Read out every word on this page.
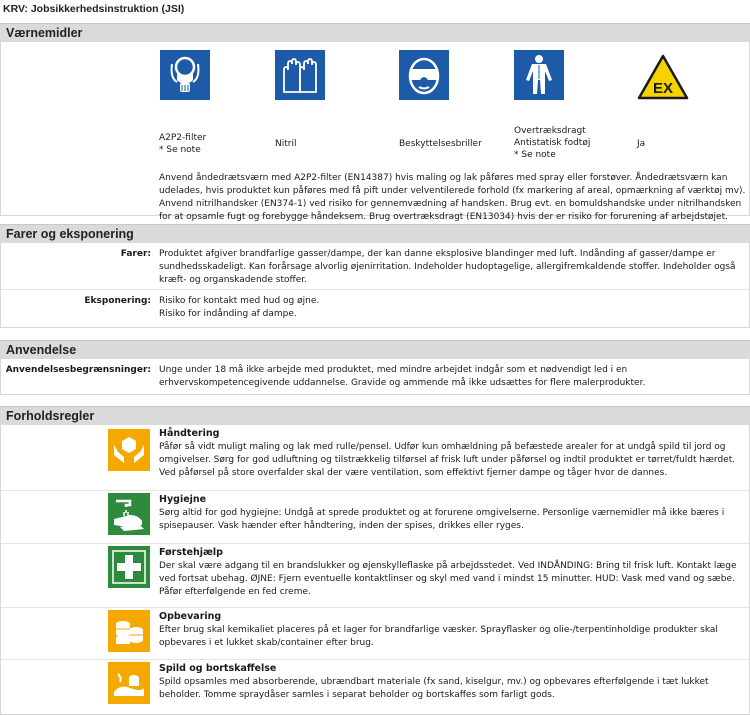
KRV: Jobsikkerhedsinstruktion (JSI)
Værnemidler
A2P2-filter
* Se note
Nitril	Beskyttelsesbriller
Overtræksdragt
Antistatisk fodtøj
* Se note
EX
Ja
Anvend åndedrætsværn med A2P2-filter (EN14387) hvis maling og lak påføres med spray eller forstøver. Åndedrætsværn kan udelades, hvis produktet kun påføres med få pift under velventilerede forhold (fx markering af areal, opmærkning af værktøj mv). Anvend nitrilhandsker (EN374-1) ved risiko for gennemvædning af handsken. Brug evt. en bomuldshandske under nitrilhandsken for at opsamle fugt og forebygge håndeksem. Brug overtræksdragt (EN13034) hvis der er risiko for forurening af arbejdstøjet.
Farer og eksponering
Farer: Produktet afgiver brandfarlige gasser/dampe, der kan danne eksplosive blandinger med luft. Indånding af gasser/dampe er sundhedsskadeligt. Kan forårsage alvorlig øjenirritation. Indeholder hudoptagelige, allergifremkaldende stoffer. Indeholder også kræft- og organskadende stoffer.
Eksponering: Risiko for kontakt med hud og øjne.
Risiko for indånding af dampe.
Anvendelse
Anvendelsesbegrænsninger: Unge under 18 må ikke arbejde med produktet, med mindre arbejdet indgår som et nødvendigt led i en erhvervskompetencegivende uddannelse. Gravide og ammende må ikke udsættes for flere malerprodukter.
Forholdsregler
Håndtering
Påfør så vidt muligt maling og lak med rulle/pensel. Udfør kun omhældning på befæstede arealer for at undgå spild til jord og omgivelser. Sørg for god udluftning og tilstrækkelig tilførsel af frisk luft under påførsel og indtil produktet er tørret/fuldt hærdet. Ved påførsel på store overfalder skal der være ventilation, som effektivt fjerner dampe og tåger hvor de dannes.
Hygiejne
Sørg altid for god hygiejne: Undgå at sprede produktet og at forurene omgivelserne. Personlige værnemidler må ikke bæres i spisepauser. Vask hænder efter håndtering, inden der spises, drikkes eller ryges.
Førstehjælp
Der skal være adgang til en brandslukker og øjenskylleflaske på arbejdsstedet. Ved INDÅNDING: Bring til frisk luft. Kontakt læge ved fortsat ubehag. ØJNE: Fjern eventuelle kontaktlinser og skyl med vand i mindst 15 minutter. HUD: Vask med vand og sæbe. Påfør efterfølgende en fed creme.
Opbevaring
Efter brug skal kemikaliet placeres på et lager for brandfarlige væsker. Sprayflasker og olie-/terpentinholdige produkter skal opbevares i et lukket skab/container efter brug.
Spild og bortskaffelse
Spild opsamles med absorberende, ubrændbart materiale (fx sand, kiselgur, mv.) og opbevares efterfølgende i tæt lukket beholder. Tomme spraydåser samles i separat beholder og bortskaffes som farligt gods.
